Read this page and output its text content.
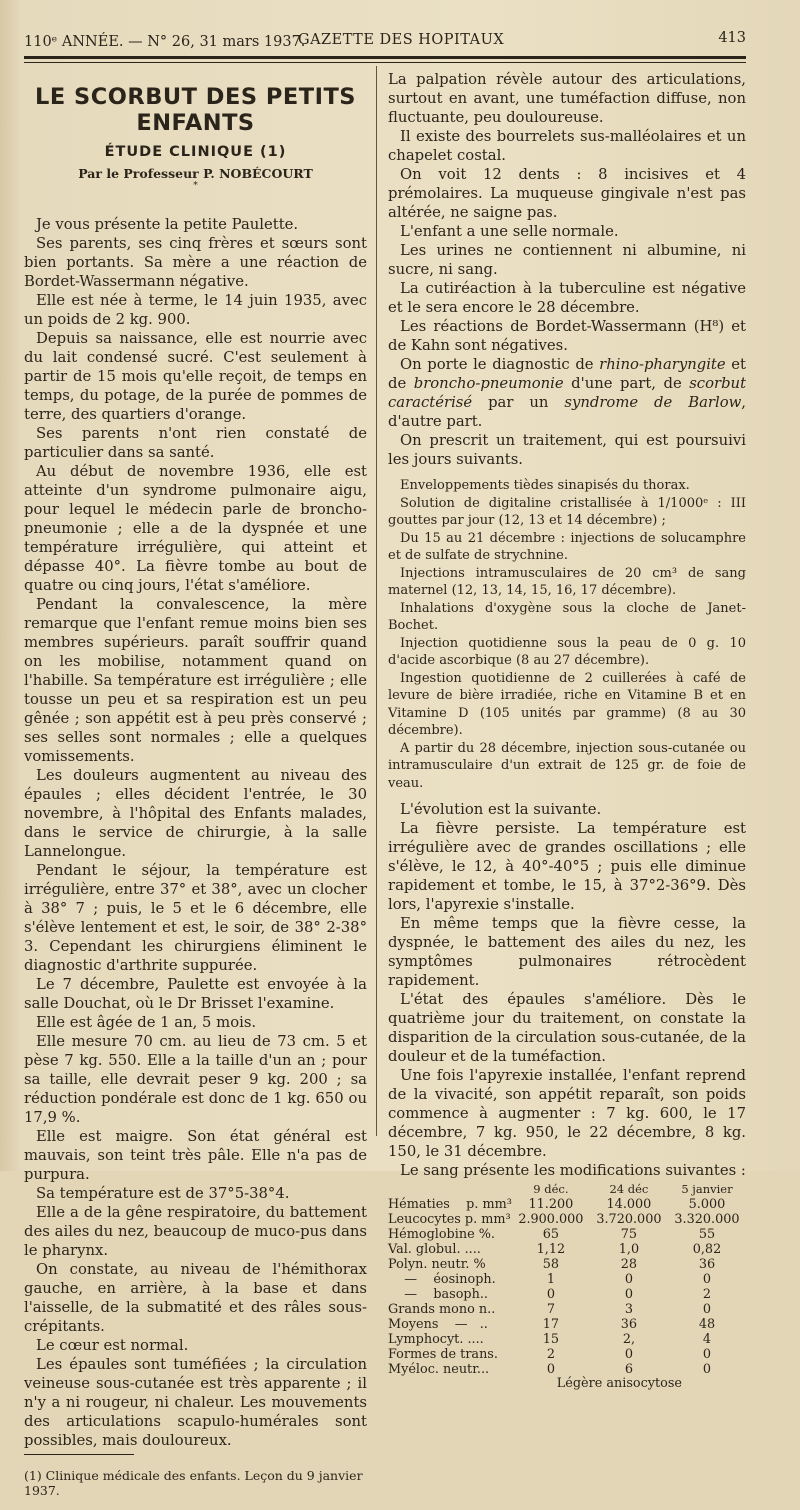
110ᵉ ANNÉE. — N° 26, 31 mars 1937.
GAZETTE DES HOPITAUX	413
LE SCORBUT DES PETITS ENFANTS

ÉTUDE CLINIQUE (1)

Par le Professeur P. NOBÉCOURT

*

Je vous présente la petite Paulette.

Ses parents, ses cinq frères et sœurs sont bien portants. Sa mère a une réaction de Bordet-Wassermann négative.

Elle est née à terme, le 14 juin 1935, avec un poids de 2 kg. 900.

Depuis sa naissance, elle est nourrie avec du lait condensé sucré. C'est seulement à partir de 15 mois qu'elle reçoit, de temps en temps, du potage, de la purée de pommes de terre, des quartiers d'orange.

Ses parents n'ont rien constaté de particulier dans sa santé.

Au début de novembre 1936, elle est atteinte d'un syndrome pulmonaire aigu, pour lequel le médecin parle de broncho-pneumonie ; elle a de la dyspnée et une température irrégulière, qui atteint et dépasse 40°. La fièvre tombe au bout de quatre ou cinq jours, l'état s'améliore.

Pendant la convalescence, la mère remarque que l'enfant remue moins bien ses membres supérieurs. paraît souffrir quand on les mobilise, notamment quand on l'habille. Sa température est irrégulière ; elle tousse un peu et sa respiration est un peu gênée ; son appétit est à peu près conservé ; ses selles sont normales ; elle a quelques vomissements.

Les douleurs augmentent au niveau des épaules ; elles décident l'entrée, le 30 novembre, à l'hôpital des Enfants malades, dans le service de chirurgie, à la salle Lannelongue.

Pendant le séjour, la température est irrégulière, entre 37° et 38°, avec un clocher à 38° 7 ; puis, le 5 et le 6 décembre, elle s'élève lentement et est, le soir, de 38° 2-38° 3. Cependant les chirurgiens éliminent le diagnostic d'arthrite suppurée.

Le 7 décembre, Paulette est envoyée à la salle Douchat, où le Dr Brisset l'examine.

Elle est âgée de 1 an, 5 mois.

Elle mesure 70 cm. au lieu de 73 cm. 5 et pèse 7 kg. 550. Elle a la taille d'un an ; pour sa taille, elle devrait peser 9 kg. 200 ; sa réduction pondérale est donc de 1 kg. 650 ou 17,9 %.

Elle est maigre. Son état général est mauvais, son teint très pâle. Elle n'a pas de purpura.

Sa température est de 37°5-38°4.

Elle a de la gêne respiratoire, du battement des ailes du nez, beaucoup de muco-pus dans le pharynx.

On constate, au niveau de l'hémithorax gauche, en arrière, à la base et dans l'aisselle, de la submatité et des râles sous-crépitants.

Le cœur est normal.

Les épaules sont tuméfiées ; la circulation veineuse sous-cutanée est très apparente ; il n'y a ni rougeur, ni chaleur. Les mouvements des articulations scapulo-humérales sont possibles, mais douloureux.

(1) Clinique médicale des enfants. Leçon du 9 janvier 1937.

La palpation révèle autour des articulations, surtout en avant, une tuméfaction diffuse, non fluctuante, peu douloureuse.

Il existe des bourrelets sus-malléolaires et un chapelet costal.

On voit 12 dents : 8 incisives et 4 prémolaires. La muqueuse gingivale n'est pas altérée, ne saigne pas.

L'enfant a une selle normale.

Les urines ne contiennent ni albumine, ni sucre, ni sang.

La cutiréaction à la tuberculine est négative et le sera encore le 28 décembre.

Les réactions de Bordet-Wassermann (H⁸) et de Kahn sont négatives.

On porte le diagnostic de rhino-pharyngite et de broncho-pneumonie d'une part, de scorbut caractérisé par un syndrome de Barlow, d'autre part.

On prescrit un traitement, qui est poursuivi les jours suivants.

Enveloppements tièdes sinapisés du thorax.

Solution de digitaline cristallisée à 1/1000ᵉ : III gouttes par jour (12, 13 et 14 décembre) ;

Du 15 au 21 décembre : injections de solucamphre et de sulfate de strychnine.

Injections intramusculaires de 20 cm³ de sang maternel (12, 13, 14, 15, 16, 17 décembre).

Inhalations d'oxygène sous la cloche de Janet-Bochet.

Injection quotidienne sous la peau de 0 g. 10 d'acide ascorbique (8 au 27 décembre).

Ingestion quotidienne de 2 cuillerées à café de levure de bière irradiée, riche en Vitamine B et en Vitamine D (105 unités par gramme) (8 au 30 décembre).

A partir du 28 décembre, injection sous-cutanée ou intramusculaire d'un extrait de 125 gr. de foie de veau.

L'évolution est la suivante.

La fièvre persiste. La température est irrégulière avec de grandes oscillations ; elle s'élève, le 12, à 40°-40°5 ; puis elle diminue rapidement et tombe, le 15, à 37°2-36°9. Dès lors, l'apyrexie s'installe.

En même temps que la fièvre cesse, la dyspnée, le battement des ailes du nez, les symptômes pulmonaires rétrocèdent rapidement.

L'état des épaules s'améliore. Dès le quatrième jour du traitement, on constate la disparition de la circulation sous-cutanée, de la douleur et de la tuméfaction.

Une fois l'apyrexie installée, l'enfant reprend de la vivacité, son appétit reparaît, son poids commence à augmenter : 7 kg. 600, le 17 décembre, 7 kg. 950, le 22 décembre, 8 kg. 150, le 31 décembre.

Le sang présente les modifications suivantes :

	9 déc.	24 déc	5 janvier
Hématies    p. mm³	11.200	14.000	5.000
Leucocytes p. mm³	2.900.000	3.720.000	3.320.000
Hémoglobine %.	65	75	55
Val. globul. ....	1,12	1,0	0,82
Polyn. neutr. %	58	28	36
—    éosinoph.	1	0	0
—    basoph..	0	0	2
Grands mono n..	7	3	0
Moyens    —   ..	17	36	48
Lymphocyt. ....	15	2,	4
Formes de trans.	2	0	0
Myéloc. neutr...	0	6	0
Légère anisocytose
